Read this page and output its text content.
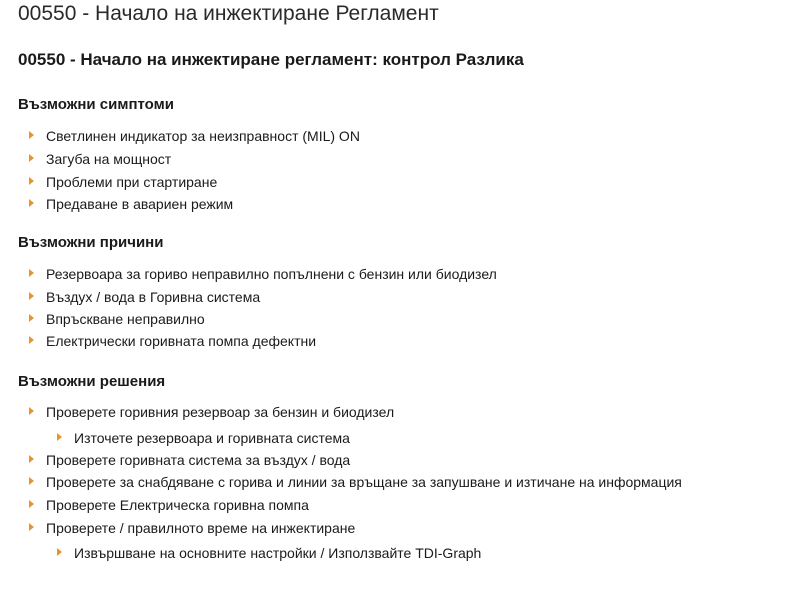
00550 - Начало на инжектиране Регламент
00550 - Начало на инжектиране регламент: контрол Разлика
Възможни симптоми
Светлинен индикатор за неизправност (MIL) ON
Загуба на мощност
Проблеми при стартиране
Предаване в авариен режим
Възможни причини
Резервоара за гориво неправилно попълнени с бензин или биодизел
Въздух / вода в Горивна система
Впръскване неправилно
Електрически горивната помпа дефектни
Възможни решения
Проверете горивния резервоар за бензин и биодизел
Източете резервоара и горивната система
Проверете горивната система за въздух / вода
Проверете за снабдяване с горива и линии за връщане за запушване и изтичане на информация
Проверете Електрическа горивна помпа
Проверете / правилното време на инжектиране
Извършване на основните настройки / Използвайте TDI-Graph
